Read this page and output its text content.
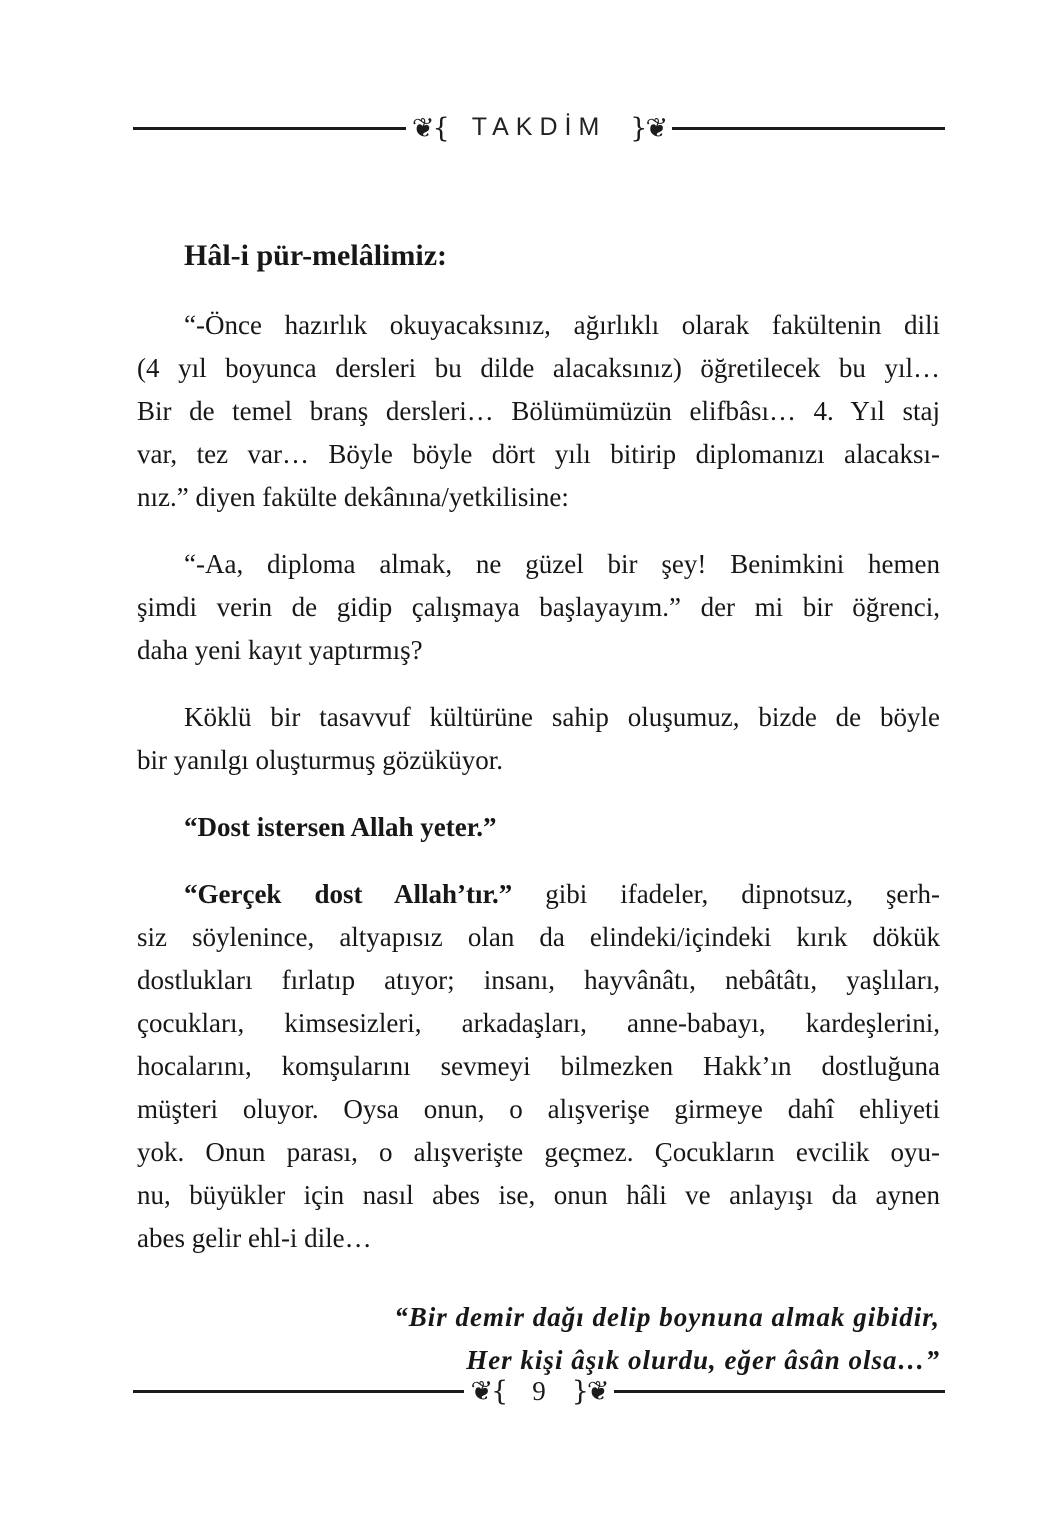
❦{ TAKDİM }❦
Hâl-i pür-melâlimiz:
“-Önce hazırlık okuyacaksınız, ağırlıklı olarak fakültenin dili
(4 yıl boyunca dersleri bu dilde alacaksınız) öğretilecek bu yıl…
Bir de temel branş dersleri… Bölümümüzün elifbâsı… 4. Yıl staj
var, tez var… Böyle böyle dört yılı bitirip diplomanızı alacaksı-
nız.” diyen fakülte dekânına/yetkilisine:
“-Aa, diploma almak, ne güzel bir şey! Benimkini hemen
şimdi verin de gidip çalışmaya başlayayım.” der mi bir öğrenci,
daha yeni kayıt yaptırmış?
Köklü bir tasavvuf kültürüne sahip oluşumuz, bizde de böyle
bir yanılgı oluşturmuş gözüküyor.
“Dost istersen Allah yeter.”
“Gerçek dost Allah’tır.” gibi ifadeler, dipnotsuz, şerh-
siz söylenince, altyapısız olan da elindeki/içindeki kırık dökük
dostlukları fırlatıp atıyor; insanı, hayvânâtı, nebâtâtı, yaşlıları,
çocukları, kimsesizleri, arkadaşları, anne-babayı, kardeşlerini,
hocalarını, komşularını sevmeyi bilmezken Hakk’ın dostluğuna
müşteri oluyor. Oysa onun, o alışverişe girmeye dahî ehliyeti
yok. Onun parası, o alışverişte geçmez. Çocukların evcilik oyu-
nu, büyükler için nasıl abes ise, onun hâli ve anlayışı da aynen
abes gelir ehl-i dile…
“Bir demir dağı delip boynuna almak gibidir,
Her kişi âşık olurdu, eğer âsân olsa…”
❦{ 9 }❦
